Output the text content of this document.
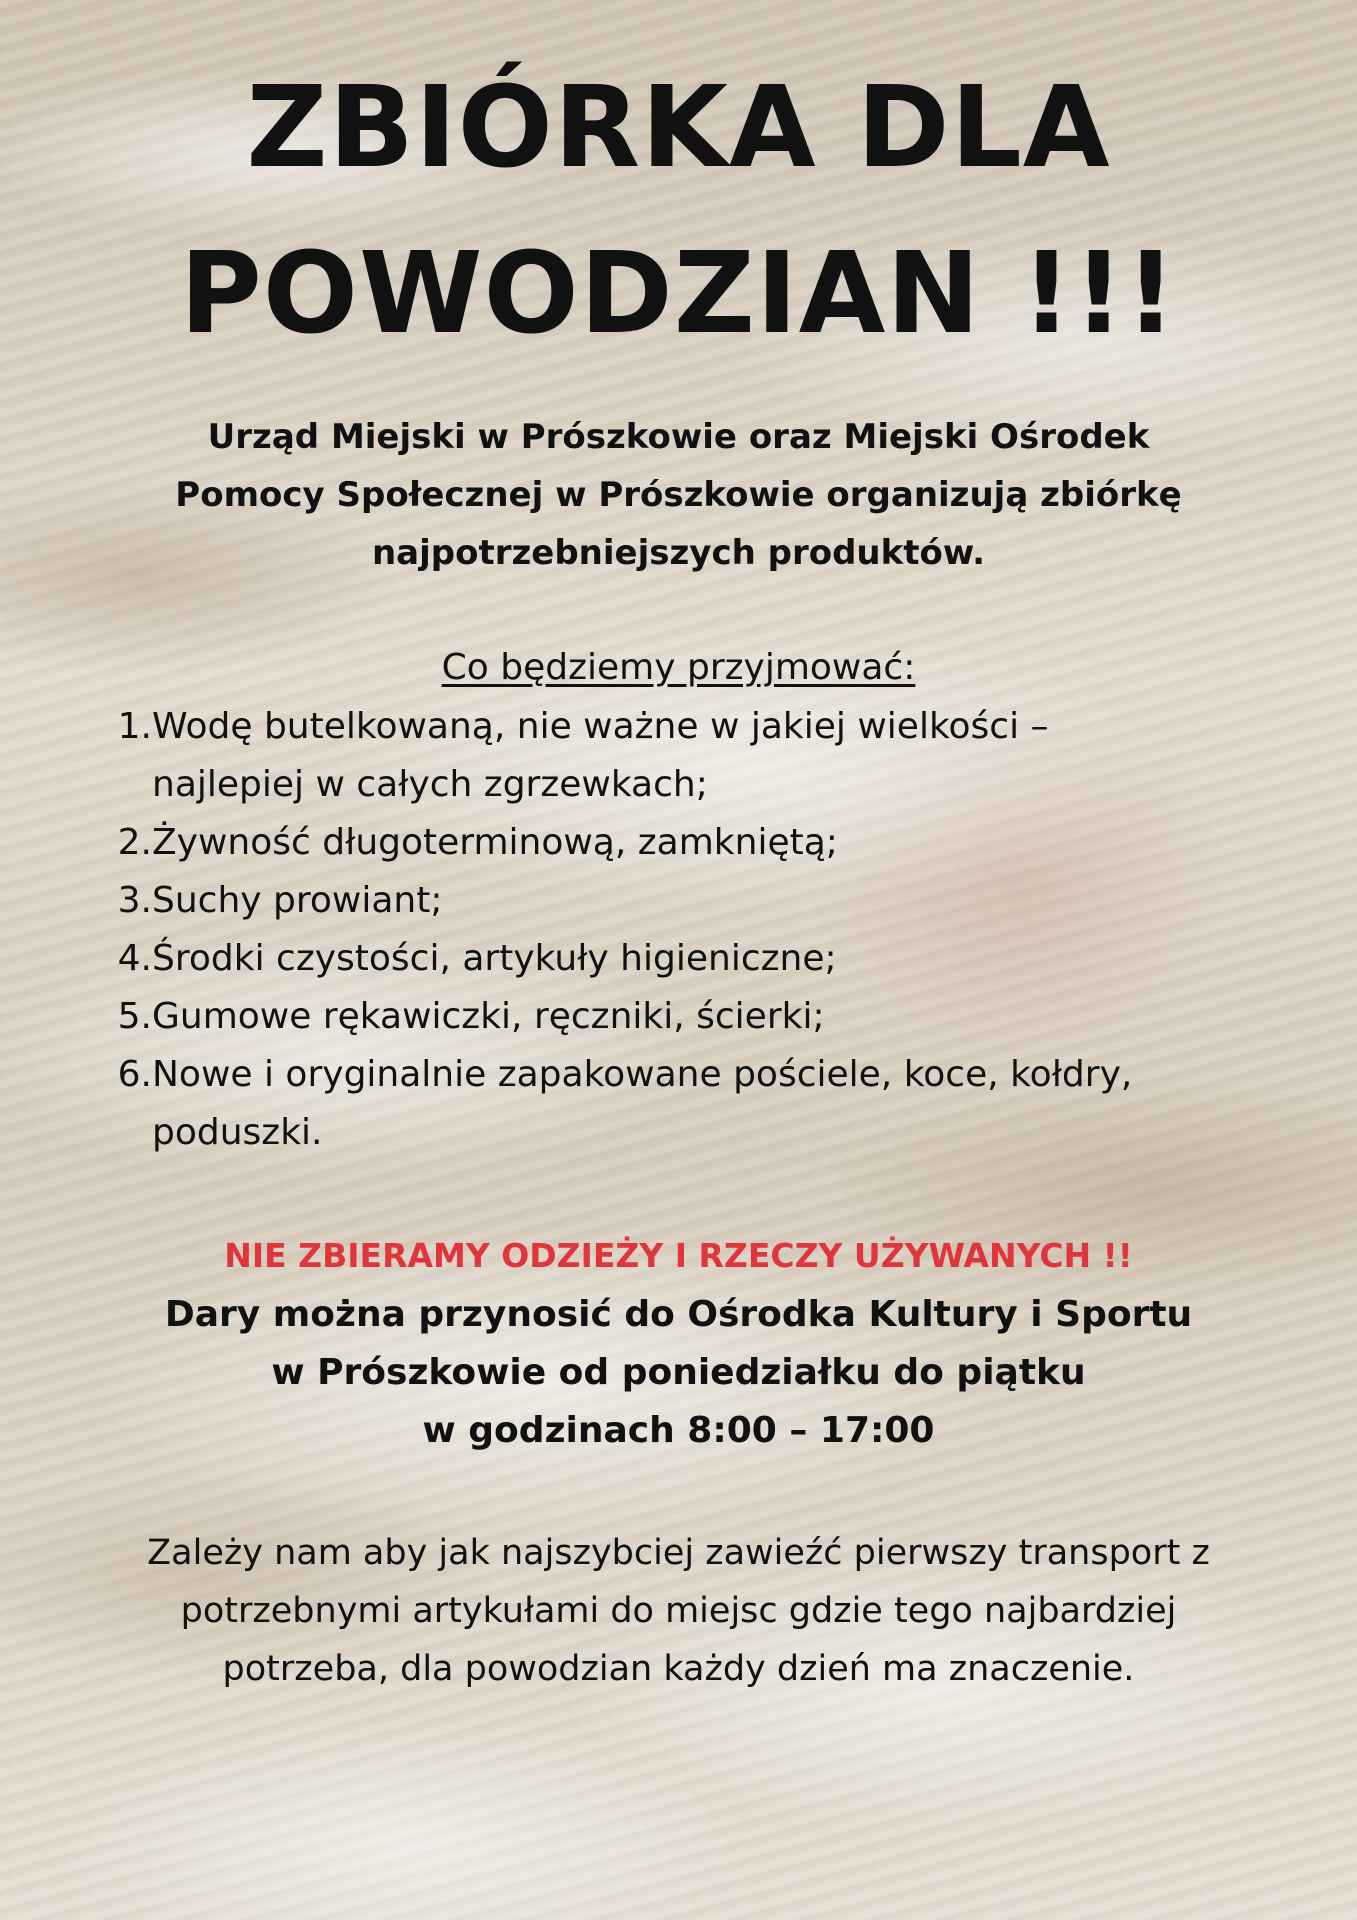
ZBIÓRKA DLA
POWODZIAN !!!

Urząd Miejski w Prószkowie oraz Miejski Ośrodek
Pomocy Społecznej w Prószkowie organizują zbiórkę
najpotrzebniejszych produktów.

Co będziemy przyjmować:

1. Wodę butelkowaną, nie ważne w jakiej wielkości –
najlepiej w całych zgrzewkach;
2. Żywność długoterminową, zamkniętą;
3. Suchy prowiant;
4. Środki czystości, artykuły higieniczne;
5. Gumowe rękawiczki, ręczniki, ścierki;
6. Nowe i oryginalnie zapakowane pościele, koce, kołdry,
poduszki.

NIE ZBIERAMY ODZIEŻY I RZECZY UŻYWANYCH !!

Dary można przynosić do Ośrodka Kultury i Sportu
w Prószkowie od poniedziałku do piątku
w godzinach 8:00 – 17:00

Zależy nam aby jak najszybciej zawieźć pierwszy transport z
potrzebnymi artykułami do miejsc gdzie tego najbardziej
potrzeba, dla powodzian każdy dzień ma znaczenie.
